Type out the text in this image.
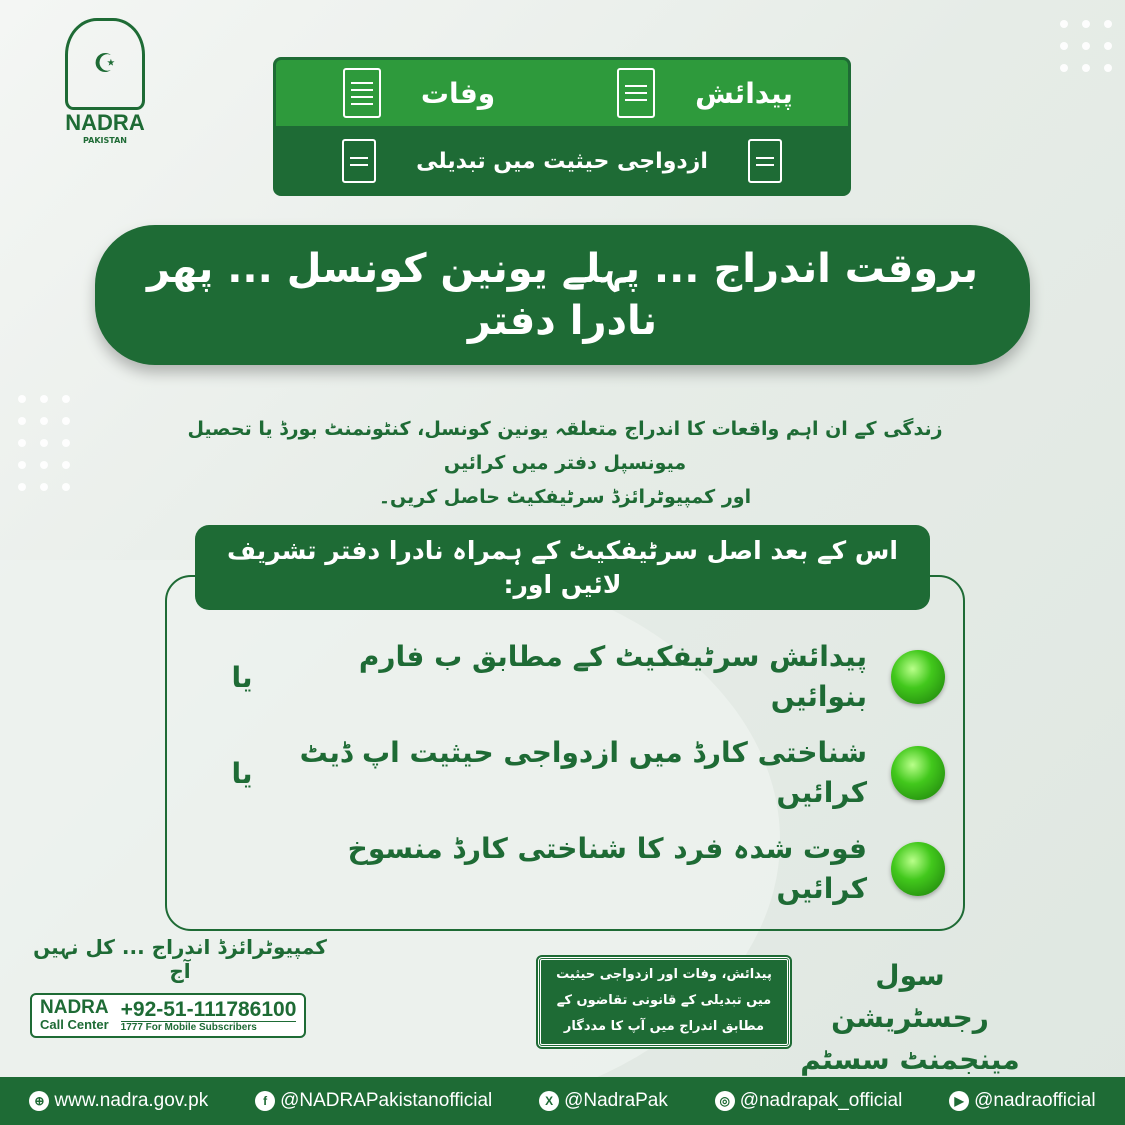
☪
NADRA
PAKISTAN
پیدائش
وفات
ازدواجی حیثیت میں تبدیلی
بروقت اندراج ... پہلے یونین کونسل ... پھر نادرا دفتر
زندگی کے ان اہم واقعات کا اندراج متعلقہ یونین کونسل، کنٹونمنٹ بورڈ یا تحصیل میونسپل دفتر میں کرائیں
اور کمپیوٹرائزڈ سرٹیفکیٹ حاصل کریں۔
پیدائش سرٹیفکیٹ کے مطابق ب فارم بنوائیں
یا
شناختی کارڈ میں ازدواجی حیثیت اپ ڈیٹ کرائیں
یا
فوت شدہ فرد کا شناختی کارڈ منسوخ کرائیں
اس کے بعد اصل سرٹیفکیٹ کے ہمراہ نادرا دفتر تشریف لائیں اور:
کمپیوٹرائزڈ اندراج ... کل نہیں آج
NADRA
Call Center
+92-51-111786100
1777 For Mobile Subscribers
پیدائش، وفات اور ازدواجی حیثیت
میں تبدیلی کے قانونی تقاضوں کے
مطابق اندراج میں آپ کا مددگار
سول رجسٹریشن
مینجمنٹ سسٹم
⊕ www.nadra.gov.pk	f @NADRAPakistanofficial	X @NadraPak	◎ @nadrapak_official	▶ @nadraofficial
